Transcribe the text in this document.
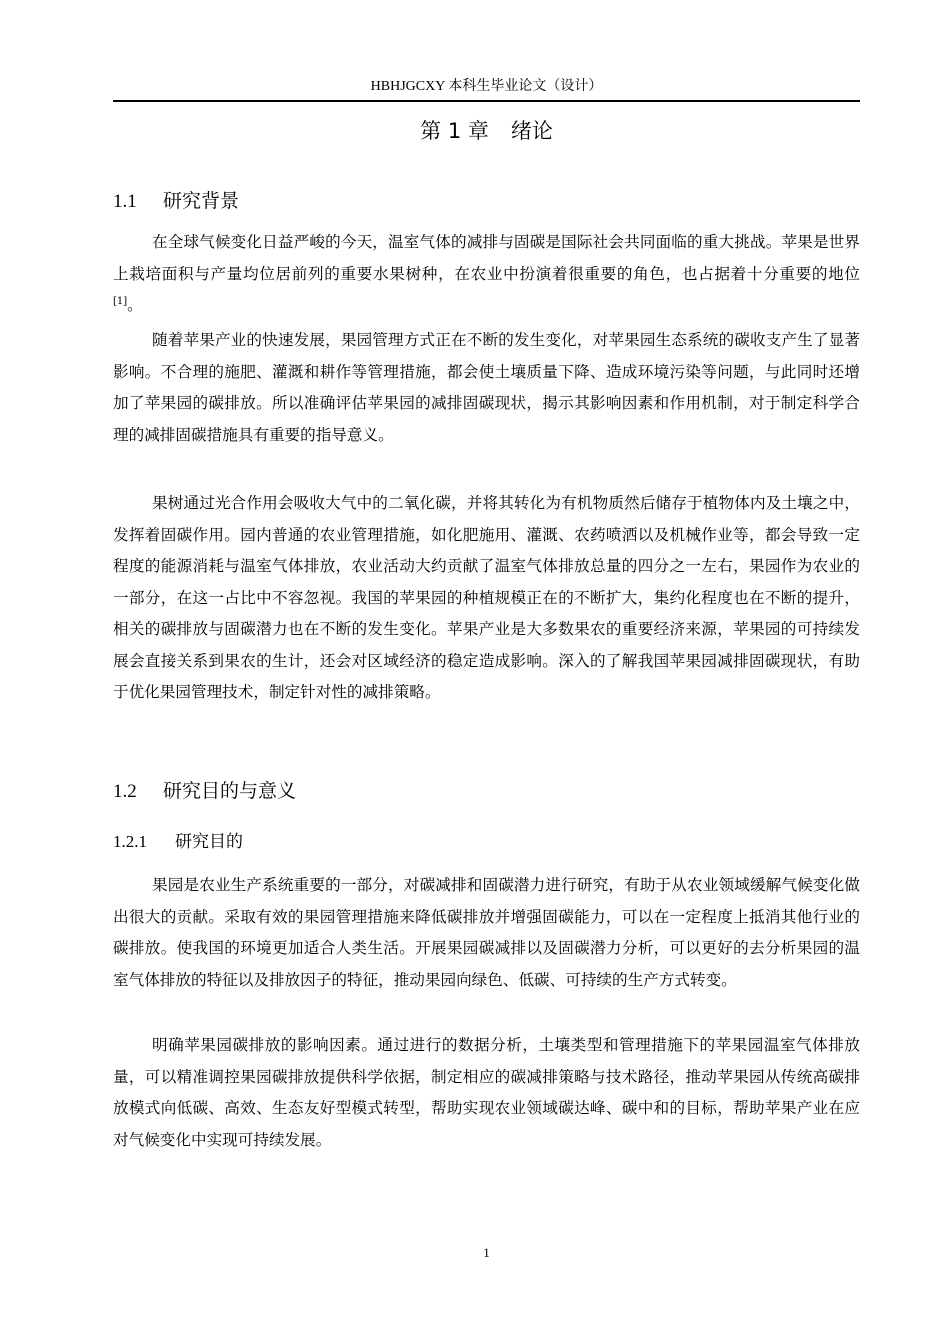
HBHJGCXY 本科生毕业论文（设计）
第 1 章 绪论
1.1 研究背景

在全球气候变化日益严峻的今天，温室气体的减排与固碳是国际社会共同面临的重大挑战。苹果是世界上栽培面积与产量均位居前列的重要水果树种，在农业中扮演着很重要的角色，也占据着十分重要的地位[1]。

随着苹果产业的快速发展，果园管理方式正在不断的发生变化，对苹果园生态系统的碳收支产生了显著影响。不合理的施肥、灌溉和耕作等管理措施，都会使土壤质量下降、造成环境污染等问题，与此同时还增加了苹果园的碳排放。所以准确评估苹果园的减排固碳现状，揭示其影响因素和作用机制，对于制定科学合理的减排固碳措施具有重要的指导意义。

果树通过光合作用会吸收大气中的二氧化碳，并将其转化为有机物质然后储存于植物体内及土壤之中，发挥着固碳作用。园内普通的农业管理措施，如化肥施用、灌溉、农药喷洒以及机械作业等，都会导致一定程度的能源消耗与温室气体排放，农业活动大约贡献了温室气体排放总量的四分之一左右，果园作为农业的一部分，在这一占比中不容忽视。我国的苹果园的种植规模正在的不断扩大，集约化程度也在不断的提升，相关的碳排放与固碳潜力也在不断的发生变化。苹果产业是大多数果农的重要经济来源，苹果园的可持续发展会直接关系到果农的生计，还会对区域经济的稳定造成影响。深入的了解我国苹果园减排固碳现状，有助于优化果园管理技术，制定针对性的减排策略。

1.2 研究目的与意义
1.2.1 研究目的

果园是农业生产系统重要的一部分，对碳减排和固碳潜力进行研究，有助于从农业领域缓解气候变化做出很大的贡献。采取有效的果园管理措施来降低碳排放并增强固碳能力，可以在一定程度上抵消其他行业的碳排放。使我国的环境更加适合人类生活。开展果园碳减排以及固碳潜力分析，可以更好的去分析果园的温室气体排放的特征以及排放因子的特征，推动果园向绿色、低碳、可持续的生产方式转变。

明确苹果园碳排放的影响因素。通过进行的数据分析，土壤类型和管理措施下的苹果园温室气体排放量，可以精准调控果园碳排放提供科学依据，制定相应的碳减排策略与技术路径，推动苹果园从传统高碳排放模式向低碳、高效、生态友好型模式转型，帮助实现农业领域碳达峰、碳中和的目标，帮助苹果产业在应对气候变化中实现可持续发展。

1
